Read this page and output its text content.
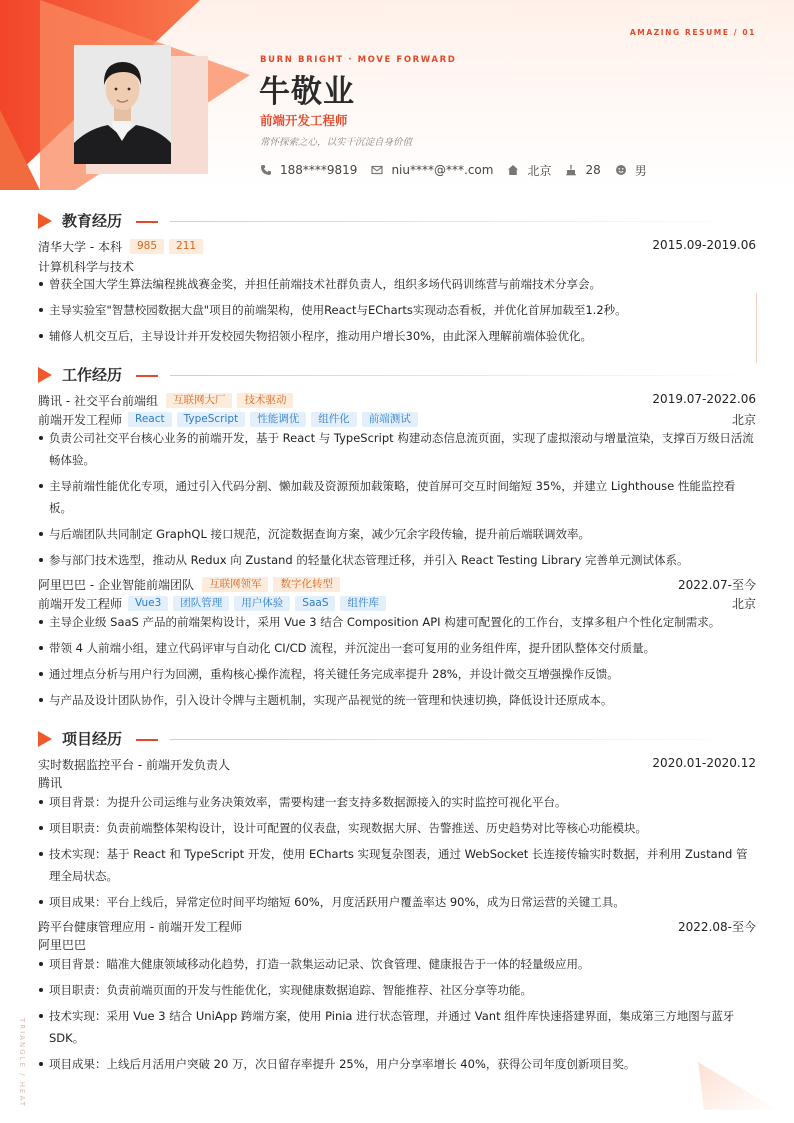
AMAZING RESUME / 01
BURN BRIGHT · MOVE FORWARD
牛敬业
前端开发工程师
常怀探索之心，以实干沉淀自身价值
188****9819	niu****@***.com	北京	28	男
教育经历
清华大学 - 本科	985	211	2015.09-2019.06
计算机科学与技术
曾获全国大学生算法编程挑战赛金奖，并担任前端技术社群负责人，组织多场代码训练营与前端技术分享会。
主导实验室"智慧校园数据大盘"项目的前端架构，使用React与ECharts实现动态看板，并优化首屏加载至1.2秒。
辅修人机交互后，主导设计并开发校园失物招领小程序，推动用户增长30%，由此深入理解前端体验优化。
工作经历
腾讯 - 社交平台前端组	互联网大厂	技术驱动	2019.07-2022.06
前端开发工程师	React	TypeScript	性能调优	组件化	前端测试	北京
负责公司社交平台核心业务的前端开发，基于 React 与 TypeScript 构建动态信息流页面，实现了虚拟滚动与增量渲染，支撑百万级日活流畅体验。
主导前端性能优化专项，通过引入代码分割、懒加载及资源预加载策略，使首屏可交互时间缩短 35%，并建立 Lighthouse 性能监控看板。
与后端团队共同制定 GraphQL 接口规范，沉淀数据查询方案，减少冗余字段传输，提升前后端联调效率。
参与部门技术选型，推动从 Redux 向 Zustand 的轻量化状态管理迁移，并引入 React Testing Library 完善单元测试体系。
阿里巴巴 - 企业智能前端团队	互联网领军	数字化转型	2022.07-至今
前端开发工程师	Vue3	团队管理	用户体验	SaaS	组件库	北京
主导企业级 SaaS 产品的前端架构设计，采用 Vue 3 结合 Composition API 构建可配置化的工作台，支撑多租户个性化定制需求。
带领 4 人前端小组，建立代码评审与自动化 CI/CD 流程，并沉淀出一套可复用的业务组件库，提升团队整体交付质量。
通过埋点分析与用户行为回溯，重构核心操作流程，将关键任务完成率提升 28%，并设计微交互增强操作反馈。
与产品及设计团队协作，引入设计令牌与主题机制，实现产品视觉的统一管理和快速切换，降低设计还原成本。
项目经历
实时数据监控平台 - 前端开发负责人	2020.01-2020.12
腾讯
项目背景：为提升公司运维与业务决策效率，需要构建一套支持多数据源接入的实时监控可视化平台。
项目职责：负责前端整体架构设计，设计可配置的仪表盘，实现数据大屏、告警推送、历史趋势对比等核心功能模块。
技术实现：基于 React 和 TypeScript 开发，使用 ECharts 实现复杂图表，通过 WebSocket 长连接传输实时数据，并利用 Zustand 管理全局状态。
项目成果：平台上线后，异常定位时间平均缩短 60%，月度活跃用户覆盖率达 90%，成为日常运营的关键工具。
跨平台健康管理应用 - 前端开发工程师	2022.08-至今
阿里巴巴
项目背景：瞄准大健康领域移动化趋势，打造一款集运动记录、饮食管理、健康报告于一体的轻量级应用。
项目职责：负责前端页面的开发与性能优化，实现健康数据追踪、智能推荐、社区分享等功能。
技术实现：采用 Vue 3 结合 UniApp 跨端方案，使用 Pinia 进行状态管理，并通过 Vant 组件库快速搭建界面，集成第三方地图与蓝牙 SDK。
项目成果：上线后月活用户突破 20 万，次日留存率提升 25%，用户分享率增长 40%，获得公司年度创新项目奖。
TRIANGLE / HEAT
